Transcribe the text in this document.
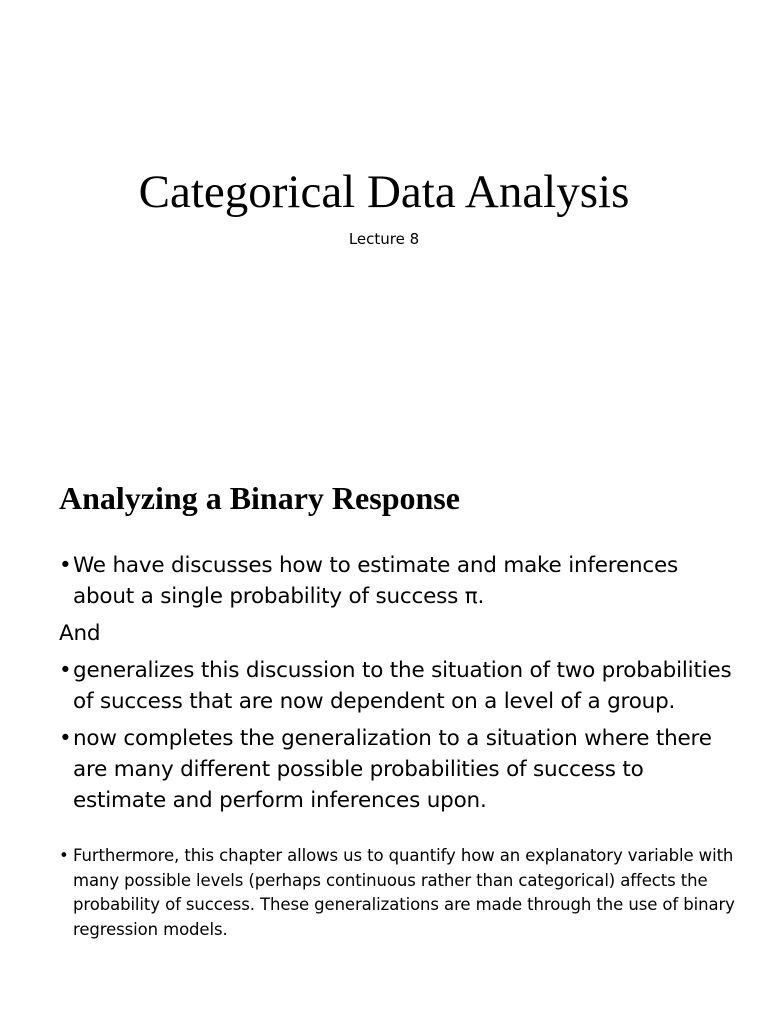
Categorical Data Analysis
Lecture 8
Analyzing a Binary Response
• We have discusses how to estimate and make inferences about a single probability of success π.
And
• generalizes this discussion to the situation of two probabilities of success that are now dependent on a level of a group.
• now completes the generalization to a situation where there are many different possible probabilities of success to estimate and perform inferences upon.
• Furthermore, this chapter allows us to quantify how an explanatory variable with many possible levels (perhaps continuous rather than categorical) affects the probability of success. These generalizations are made through the use of binary regression models.
